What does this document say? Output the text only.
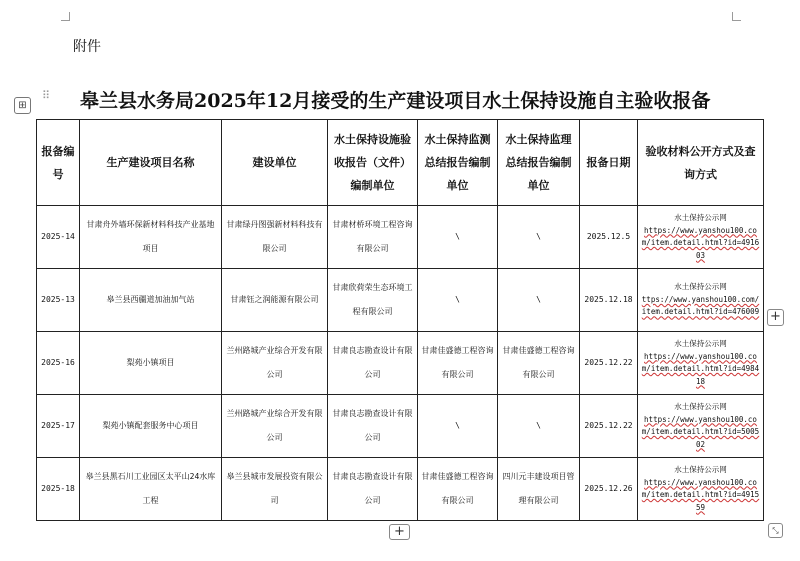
附件
⊞
⠿ 皋兰县水务局2025年12月接受的生产建设项目水土保持设施自主验收报备
报备编号	生产建设项目名称	建设单位	水土保持设施验收报告（文件）编制单位	水土保持监测总结报告编制单位	水土保持监理总结报告编制单位	报备日期	验收材料公开方式及查询方式
2025-14	甘肃舟外墙环保新材料科技产业基地项目	甘肃绿丹图强新材料科技有限公司	甘肃材桥环境工程咨询有限公司	\	\	2025.12.5	水土保持公示网
https://www.yanshou100.com/item.detail.html?id=491603

2025-13	皋兰县西疆道加油加气站	甘肃钰之润能源有限公司	甘肃欣荷荣生态环境工程有限公司	\	\	2025.12.18	水土保持公示网
ttps://www.yanshou100.com/item.detail.html?id=476009

2025-16	梨苑小镇项目	兰州路城产业综合开发有限公司	甘肃良志勘查设计有限公司	甘肃佳盛德工程咨询有限公司	甘肃佳盛德工程咨询有限公司	2025.12.22	水土保持公示网
https://www.yanshou100.com/item.detail.html?id=498418

2025-17	梨苑小镇配套服务中心项目	兰州路城产业综合开发有限公司	甘肃良志勘查设计有限公司	\	\	2025.12.22	水土保持公示网
https://www.yanshou100.com/item.detail.html?id=500502

2025-18	皋兰县黑石川工业园区太平山24水库工程	皋兰县城市发展投资有限公司	甘肃良志勘查设计有限公司	甘肃佳盛德工程咨询有限公司	四川元丰建设项目管理有限公司	2025.12.26	水土保持公示网
https://www.yanshou100.com/item.detail.html?id=491559
+
+	⤡
